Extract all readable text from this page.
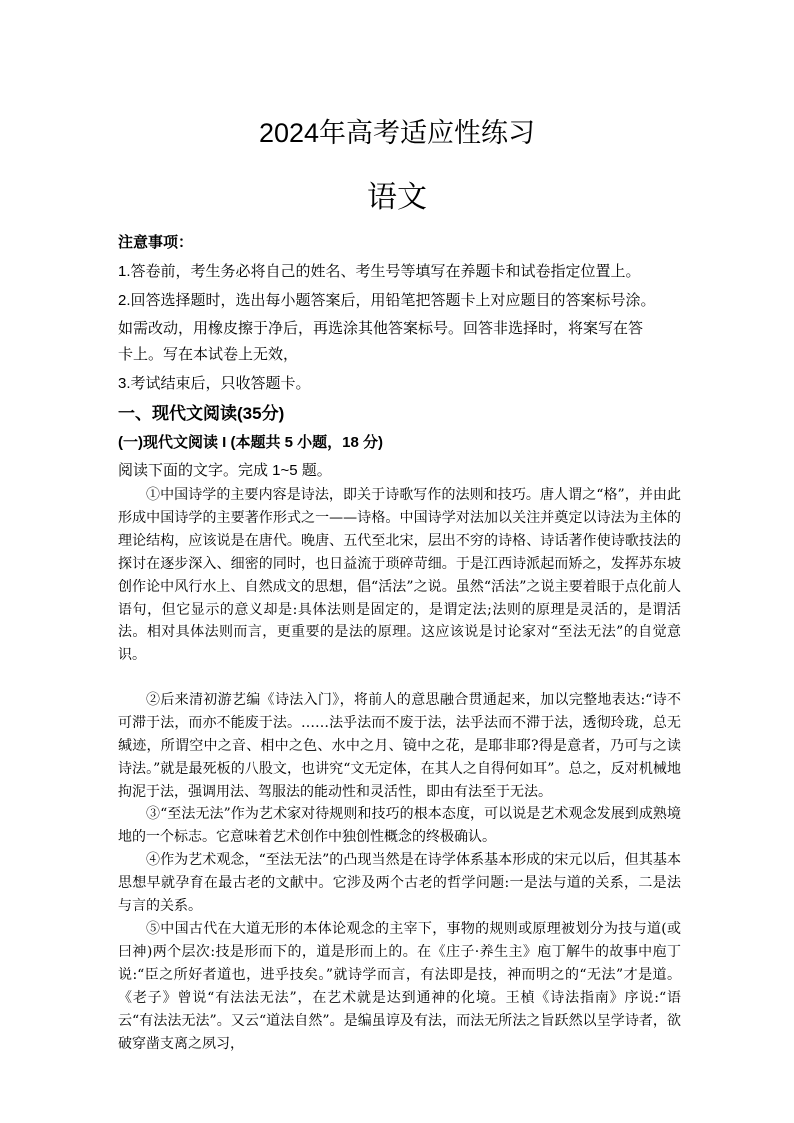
2024年高考适应性练习
语文
注意事项：
1.答卷前，考生务必将自己的姓名、考生号等填写在养题卡和试卷指定位置上。
2.回答选择题时，选出每小题答案后，用铅笔把答题卡上对应题目的答案标号涂。
如需改动，用橡皮擦于净后，再选涂其他答案标号。回答非选择时，将案写在答
卡上。写在本试卷上无效，
3.考试结束后，只收答题卡。
一、现代文阅读(35分)
(一)现代文阅读 I (本题共 5 小题，18 分)
阅读下面的文字。完成 1~5 题。

①中国诗学的主要内容是诗法，即关于诗歌写作的法则和技巧。唐人谓之“格”，并由此形成中国诗学的主要著作形式之一——诗格。中国诗学对法加以关注并奠定以诗法为主体的理论结构，应该说是在唐代。晚唐、五代至北宋，层出不穷的诗格、诗话著作使诗歌技法的探讨在逐步深入、细密的同时，也日益流于琐碎苛细。于是江西诗派起而矫之，发挥苏东坡创作论中风行水上、自然成文的思想，倡“活法”之说。虽然“活法”之说主要着眼于点化前人语句，但它显示的意义却是:具体法则是固定的，是谓定法;法则的原理是灵活的，是谓活法。相对具体法则而言，更重要的是法的原理。这应该说是讨论家对“至法无法”的自觉意识。

②后来清初游艺编《诗法入门》，将前人的意思融合贯通起来，加以完整地表达:“诗不可滞于法，而亦不能废于法。……法乎法而不废于法，法乎法而不滞于法，透彻玲珑，总无缄迹，所谓空中之音、相中之色、水中之月、镜中之花，是耶非耶?得是意者，乃可与之读诗法。”就是最死板的八股文，也讲究“文无定体，在其人之自得何如耳”。总之，反对机械地拘泥于法，强调用法、驾服法的能动性和灵活性，即由有法至于无法。

③“至法无法”作为艺术家对待规则和技巧的根本态度，可以说是艺术观念发展到成熟境地的一个标志。它意味着艺术创作中独创性概念的终极确认。

④作为艺术观念，“至法无法”的凸现当然是在诗学体系基本形成的宋元以后，但其基本思想早就孕育在最古老的文献中。它涉及两个古老的哲学问题:一是法与道的关系，二是法与言的关系。

⑤中国古代在大道无形的本体论观念的主宰下，事物的规则或原理被划分为技与道(或曰神)两个层次:技是形而下的，道是形而上的。在《庄子·养生主》庖丁解牛的故事中庖丁说:“臣之所好者道也，进乎技矣。”就诗学而言，有法即是技，神而明之的“无法”才是道。《老子》曾说“有法法无法”，在艺术就是达到通神的化境。王楨《诗法指南》序说:“语云“有法法无法”。又云“道法自然”。是编虽谆及有法，而法无所法之旨跃然以呈学诗者，欲破穿凿支离之夙习，
